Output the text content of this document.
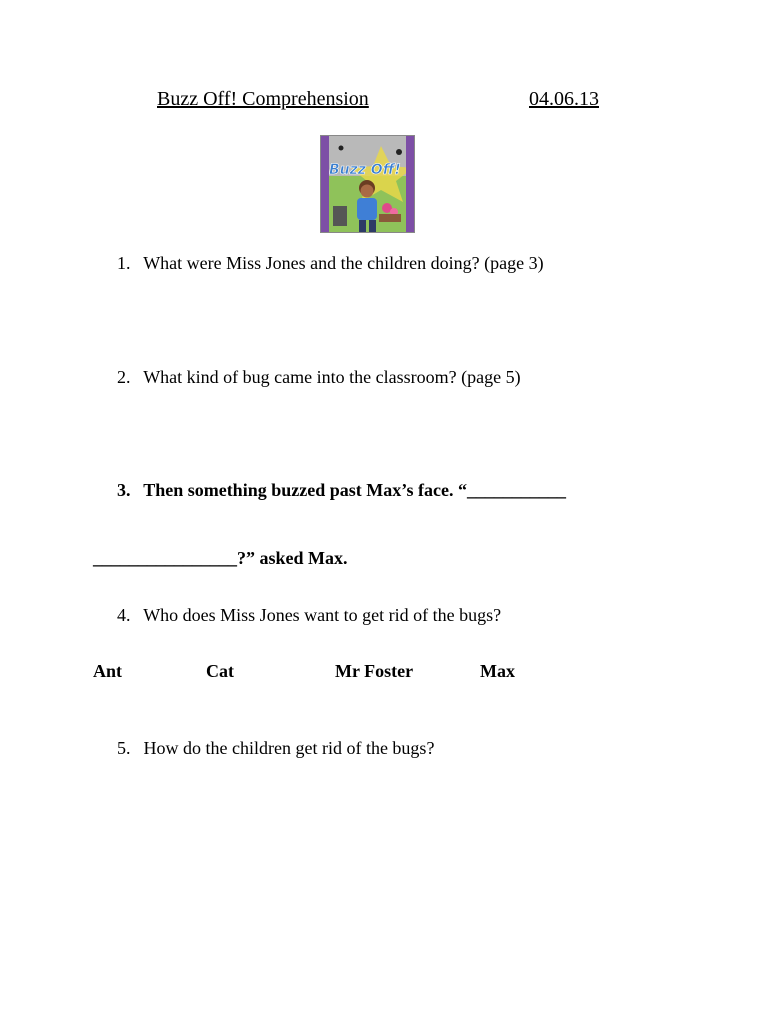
Buzz Off! Comprehension	04.06.13
Buzz Off!
1. What were Miss Jones and the children doing? (page 3)
2. What kind of bug came into the classroom? (page 5)
3. Then something buzzed past Max’s face. “___________
________________?” asked Max.
4. Who does Miss Jones want to get rid of the bugs?
Ant	Cat	Mr Foster	Max
5. How do the children get rid of the bugs?
